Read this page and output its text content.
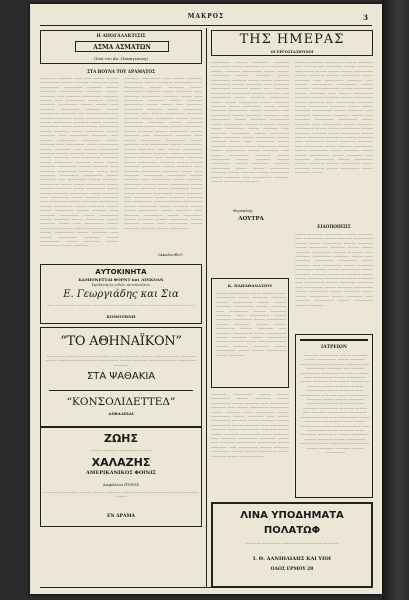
ΜΑΚΡΟΣ	3
Η ΑΠΟΓΑΛΑΚΤΙΣΙΣ
ΑΣΜΑ ΑΣΜΑΤΩΝ
(Υπό του Κο. Παπαγιαννη)
ΣΤΑ ΒΟΥΝΑ ΤΟΥ ΔΡΑΜΑΤΟΣ
———— ———— —— —— ——— ——— ————— ——— ———— ————— —— ————— ————— ———— ——— ———— —————— ———— ——— ———— —— ———— ————— ———— ——— —— ————— ———— ——— ———— ————— ——— ——— —— ———— ————— ———— ——— ————— ———— —— ——— ————— ———— ———— ——— ————— ——— ——— ————— ———— ——— ———— ————— ——— ——— ——— ————— ——— ———— ——— ————— ——— ———— —— ————— ———— —— ——— ————— ————— ——— ———— —— ————— ——— ————— ——— ———— —— ——— ————— ———— ——— ———— ——— ————— ——— ———— —— ————— ———— ——— ————— ———— ——— ——— ———— ————— ——— ———— —— ———— ————— ———— ——— —— ———— ————— ————— ——— ———— —— ————— ——— ———— ————— ——— ——— ————— ——— ———— ———— ——— ————— ——— ——— ———— ————— ——— ———— —— ————— ——— ———— ———— —— ————— ——— ———— ————— ——— ————— ——— ———— ——— ——— ————— ——— ———— —— ———— ————— ——— ————— ——— ———— ——— ————— ——— ———— ——— —— ————— ——— ———— ———— ——— ————— ——— ——— ————— ——— ———— —— ——— ————— ———— ——— ————— ——— ———— ——— ————— ——— ————
———— ————— —— ——— ———— ————— ——— ———— ————— —— ————— ——— ———— ——— ————— ———— ——— ———— —— ———— ————— ———— ——— —— ————— ———— ——— ———— ————— ——— ——— —— ———— ————— ———— ——— ————— ———— —— ——— ————— ———— ———— ——— ————— ——— ——— ————— ———— ——— ———— ————— ——— ——— ——— ————— ——— ———— ——— ————— ——— ———— —— ————— ———— —— ——— ————— ————— ——— ———— —— ————— ——— ————— ——— ———— —— ——— ————— ———— ——— ———— ——— ————— ——— ———— —— ————— ———— ——— ————— ———— ——— ——— ———— ————— ——— ———— —— ———— ————— ———— ——— —— ———— ————— ————— ——— ———— —— ————— ——— ———— ————— ——— ——— ————— ——— ———— ———— ——— ————— ——— ——— ———— ————— ——— ———— —— ————— ——— ———— ———— —— ————— ——— ———— ————— ——— ————— ——— ———— ——— ——— ————— ——— ———— —— ———— ————— ——— ————— ——— ———— ——— ————— ——— ———— ——— —— ————— ——— ———— ———— ——— —————
(Ακολουθεί)
ΑΥΤΟΚΙΝΗΤΑ
ΚΑΜΙΟΝΕΤΤΑΙ ΦΟΡΝΤ και ΛΙΝΚΟΛΝ
Εφοδιασμός ειδών αυτοκινήτων
Ε. Γεωργιάδης και Σια
—— ————— ———— —— ———— ————— ——— ———— ————— ——
ΚΟΜΟΤΗΝΗ
“ΤΟ ΑΘΗΝΑΪΚΟΝ”
————— ——— ————— ——— ——— ———— ——— ——————— ———— ——— ————— ————— —— ——— ——— ———— ———— ——— ————— ————
ΣΤΑ ΨΑΘΑΚΙΑ
“ΚΟΝΣΟΛΙΔΕΤΤΕΔ”
ΑΣΦΑΛΕΙΑΙ
ΖΩΗΣ
——— ———— ————— ———
ΧΑΛΑΖΗΣ
ΑΜΕΡΙΚΑΝΙΚΟΣ ΦΟΙΝΙΞ
Ασφάλεια ΠΥΡΟΣ
———— ————— ——— ——— ———— ——— ——— —————— —— ————— ———
ΕΝ ΔΡΑΜΑ
ΤΗΣ ΗΜΕΡΑΣ
ΟΙ ΕΡΓΟΣΤΑΣΙΟΥΧΟΙ
————— ——— ———— ———— ————— ——— ———— —— ————— ——— ———— ————— ——— ——— ————— ——— ———— ——— ————— ———— ——— ——— ———— ————— ——— ———— —— ———— ————— ———— ——— —— ———— ————— ————— ——— ———— —— ————— ——— ———— ————— ——— ——— ————— ——— ———— ———— ——— ————— ——— ——— ———— ————— ——— ———— —— ————— ——— ———— ———— —— ————— ——— ———— ————— ——— ————— ——— ———— ——— ——— ————— ——— ———— —— ———— ————— ——— ————— ——— ———— ——— ————— ——— ———— ——— —— ————— ——— ———— ———— ——— ————— ——— ——— ————— ——— ———— —— ——— ————— ———— ——— ————— ——— ———— ——— ————— ——— ———— ———— ————— ——— ——— ————— ———— ——— ———— ——— ————— ——— ———— —— ————— ———— ——— ————— ————
——— ———— ————— ——— ———— —— ————— ———— ——— ———— ————— ——— ——— ——— ————— ——— ———— ——— ————— ——— ———— —— ————— ———— —— ——— ————— ————— ——— ———— —— ————— ——— ————— ——— ———— —— ——— ————— ———— ——— ———— ——— ————— ——— ———— —— ————— ———— ——— ————— ———— ——— ——— ———— ————— ——— ———— —— ———— ————— ———— ——— —— ———— ————— ————— ——— ———— —— ————— ——— ———— ————— ——— ——— ————— ——— ———— ———— ——— ————— ——— ——— ———— ————— ——— ———— —— ————— ——— ———— ———— —— ————— ——— ———— ————— ——— ————— ——— ———— ——— ——— ————— ——— ———— —— ———— ————— ——— ————— ——— ———— ——— ————— ——— ———— ——— ——— ————— ——— ———— ———
Φερεκλής
ΛΟΥΤΡΑ
Κ. ΠΑΠΑΘΑΝΑΣΙΟΥ
——— ————— ——— ———— —— ————— ——— ———— ———— ——— ————— ——— ——— ———— ————— ——— ———— —— ————— ——— ———— ———— —— ————— ——— ———— ————— ——— ————— ——— ———— ——— ——— ————— ——— ———— —— ———— ————— ——— ————— ——— ———— ——— ————— ——— ———— ——— —— ————— ——— ———— ———— ——— ————— ——— ——— ————— ——— ————
———— ————— ——— ——— ————— ——— ———— ——— ————— ——— ———— —— ————— ———— —— ——— ————— ————— ——— ———— —— ————— ——— ————— ——— ———— —— ——— ————— ———— ——— ———— ——— ————— ——— ———— —— ————— ———— ——— ————— ———— ——— ——— ———— ————— ——— ———— —— ———— ————— ———— ——— —— ———— ————— ————— ——— ———— —— ————— ——— ———— ————— ——— ——— ————— ——— ———— ——— —— ————
ΕΙΔΟΠΟΙΗΣΙΣ
——— ———— ————— ——— ———— —— ————— ——— ———— ————— ——— ——— ————— ——— ———— ——— ————— ———— ——— ——— ———— ————— ——— ———— —— ———— ————— ———— ——— —— ———— ————— ————— ——— ———— —— ————— ——— ———— ————— ——— ——— ————— ——— ———— ———— ——— ————— ——— ——— ———— ————— ——— ———— —— ————— ——— ———— ———— —— ————— ——— ———— ————— ——— ————— ——— ———— ——— ——— ————— ——— ———— —— ———— ————— ——— ————— ——— ————
ΙΑΤΡΕΙΟΝ
———— ————— ——— ———— ——— ————— ——— ———— ——— ————— ——— ———— —— ————— ———— —— ——— ————— ————— ——— ———— —— ————— ——— ————— ——— ———— —— ——— ————— ———— ——— ———— ——— ————— ——— ———— —— ————— ———— ——— ————— ———— ——— ——— ———— ————— ——— ———— —— ———— ————— ———— ——— —— ———— ————— ————— ——— ———— —— ————— ——— ———— ————— ——— ——— ————— ——— ———— ——— —— ————— ——— ———— —— ———— ————— ——— ————— ——— ———— ——— ————— ——— ———— ——— —— ————— ——— ———— ———— ——— —————
ΛΙΝΑ ΥΠΟΔΗΜΑΤΑ
ΠΟΛΑΤΩΦ
———— ————— ——— ——— ———— ————
Ι. Θ. ΔΑΝΙΗΛΙΔΗΣ ΚΑΙ ΥΙΟΙ
ΟΔΟΣ ΕΡΜΟΥ 28
